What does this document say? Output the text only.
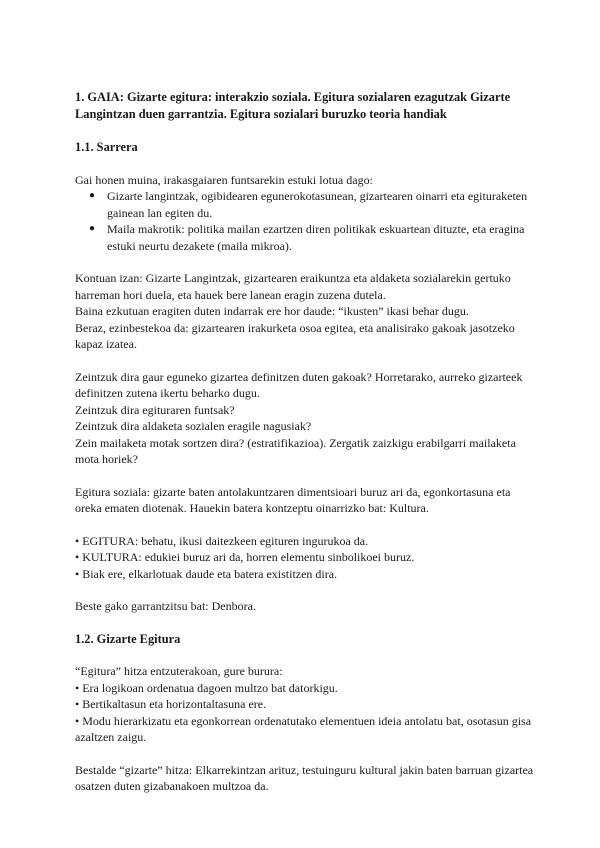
1. GAIA: Gizarte egitura: interakzio soziala. Egitura sozialaren ezagutzak Gizarte Langintzan duen garrantzia. Egitura sozialari buruzko teoria handiak

1.1. Sarrera

Gai honen muina, irakasgaiaren funtsarekin estuki lotua dago:

● Gizarte langintzak, ogibidearen egunerokotasunean, gizartearen oinarri eta egituraketen gainean lan egiten du.
● Maila makrotik: politika mailan ezartzen diren politikak eskuartean dituzte, eta eragina estuki neurtu dezakete (maila mikroa).

Kontuan izan: Gizarte Langintzak, gizartearen eraikuntza eta aldaketa sozialarekin gertuko harreman hori duela, eta hauek bere lanean eragin zuzena dutela.

Baina ezkutuan eragiten duten indarrak ere hor daude: “ikusten” ikasi behar dugu.

Beraz, ezinbestekoa da: gizartearen irakurketa osoa egitea, eta analisirako gakoak jasotzeko kapaz izatea.

Zeintzuk dira gaur eguneko gizartea definitzen duten gakoak? Horretarako, aurreko gizarteek definitzen zutena ikertu beharko dugu.

Zeintzuk dira egituraren funtsak?

Zeintzuk dira aldaketa sozialen eragile nagusiak?

Zein mailaketa motak sortzen dira? (estratifikazioa). Zergatik zaizkigu erabilgarri mailaketa mota horiek?

Egitura soziala: gizarte baten antolakuntzaren dimentsioari buruz ari da, egonkortasuna eta oreka ematen diotenak. Hauekin batera kontzeptu oinarrizko bat: Kultura.

• EGITURA: behatu, ikusi daitezkeen egituren ingurukoa da.

• KULTURA: edukiei buruz ari da, horren elementu sinbolikoei buruz.

• Biak ere, elkarlotuak daude eta batera existitzen dira.

Beste gako garrantzitsu bat: Denbora.

1.2. Gizarte Egitura

“Egitura” hitza entzuterakoan, gure burura:

• Era logikoan ordenatua dagoen multzo bat datorkigu.

• Bertikaltasun eta horizontaltasuna ere.

• Modu hierarkizatu eta egonkorrean ordenatutako elementuen ideia antolatu bat, osotasun gisa azaltzen zaigu.

Bestalde “gizarte” hitza: Elkarrekintzan arituz, testuinguru kultural jakin baten barruan gizartea osatzen duten gizabanakoen multzoa da.
